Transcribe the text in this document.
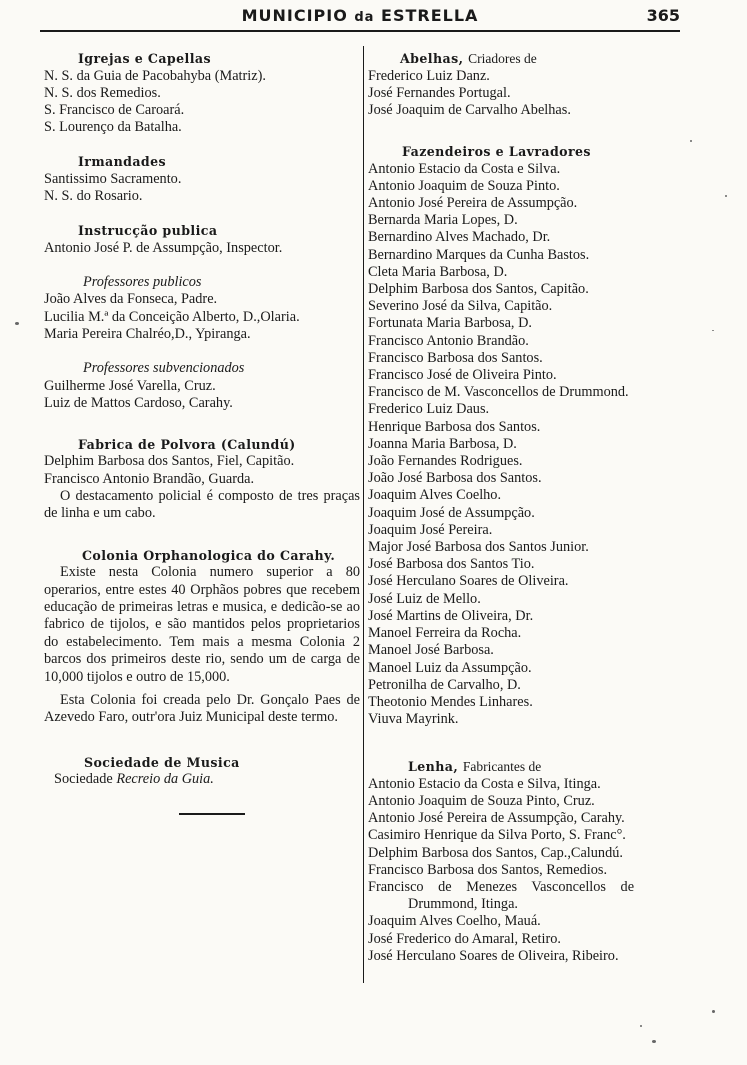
MUNICIPIO da ESTRELLA	365
Igrejas e Capellas
N. S. da Guia de Pacobahyba (Matriz).
N. S. dos Remedios.
S. Francisco de Caroará.
S. Lourenço da Batalha.
Irmandades
Santissimo Sacramento.
N. S. do Rosario.
Instrucção publica
Antonio José P. de Assumpção, Inspector.
Professores publicos
João Alves da Fonseca, Padre.
Lucilia M.ª da Conceição Alberto, D.,Olaria.
Maria Pereira Chalréo,D., Ypiranga.
Professores subvencionados
Guilherme José Varella, Cruz.
Luiz de Mattos Cardoso, Carahy.
Fabrica de Polvora (Calundú)
Delphim Barbosa dos Santos, Fiel, Capitão.
Francisco Antonio Brandão, Guarda.
O destacamento policial é composto de tres praças de linha e um cabo.
Colonia Orphanologica do Carahy.
Existe nesta Colonia numero superior a 80 operarios, entre estes 40 Orphãos pobres que recebem educação de primeiras letras e musica, e dedicão-se ao fabrico de tijolos, e são mantidos pelos proprietarios do estabelecimento. Tem mais a mesma Colonia 2 barcos dos primeiros deste rio, sendo um de carga de 10,000 tijolos e outro de 15,000.
Esta Colonia foi creada pelo Dr. Gonçalo Paes de Azevedo Faro, outr'ora Juiz Municipal deste termo.
Sociedade de Musica
Sociedade Recreio da Guia.
Abelhas, Criadores de
Frederico Luiz Danz.
José Fernandes Portugal.
José Joaquim de Carvalho Abelhas.
Fazendeiros e Lavradores
Antonio Estacio da Costa e Silva.
Antonio Joaquim de Souza Pinto.
Antonio José Pereira de Assumpção.
Bernarda Maria Lopes, D.
Bernardino Alves Machado, Dr.
Bernardino Marques da Cunha Bastos.
Cleta Maria Barbosa, D.
Delphim Barbosa dos Santos, Capitão.
Severino José da Silva, Capitão.
Fortunata Maria Barbosa, D.
Francisco Antonio Brandão.
Francisco Barbosa dos Santos.
Francisco José de Oliveira Pinto.
Francisco de M. Vasconcellos de Drummond.
Frederico Luiz Daus.
Henrique Barbosa dos Santos.
Joanna Maria Barbosa, D.
João Fernandes Rodrigues.
João José Barbosa dos Santos.
Joaquim Alves Coelho.
Joaquim José de Assumpção.
Joaquim José Pereira.
Major José Barbosa dos Santos Junior.
José Barbosa dos Santos Tio.
José Herculano Soares de Oliveira.
José Luiz de Mello.
José Martins de Oliveira, Dr.
Manoel Ferreira da Rocha.
Manoel José Barbosa.
Manoel Luiz da Assumpção.
Petronilha de Carvalho, D.
Theotonio Mendes Linhares.
Viuva Mayrink.
Lenha, Fabricantes de
Antonio Estacio da Costa e Silva, Itinga.
Antonio Joaquim de Souza Pinto, Cruz.
Antonio José Pereira de Assumpção, Carahy.
Casimiro Henrique da Silva Porto, S. Franc°.
Delphim Barbosa dos Santos, Cap.,Calundú.
Francisco Barbosa dos Santos, Remedios.
Francisco de Menezes Vasconcellos de
Drummond, Itinga.
Joaquim Alves Coelho, Mauá.
José Frederico do Amaral, Retiro.
José Herculano Soares de Oliveira, Ribeiro.
